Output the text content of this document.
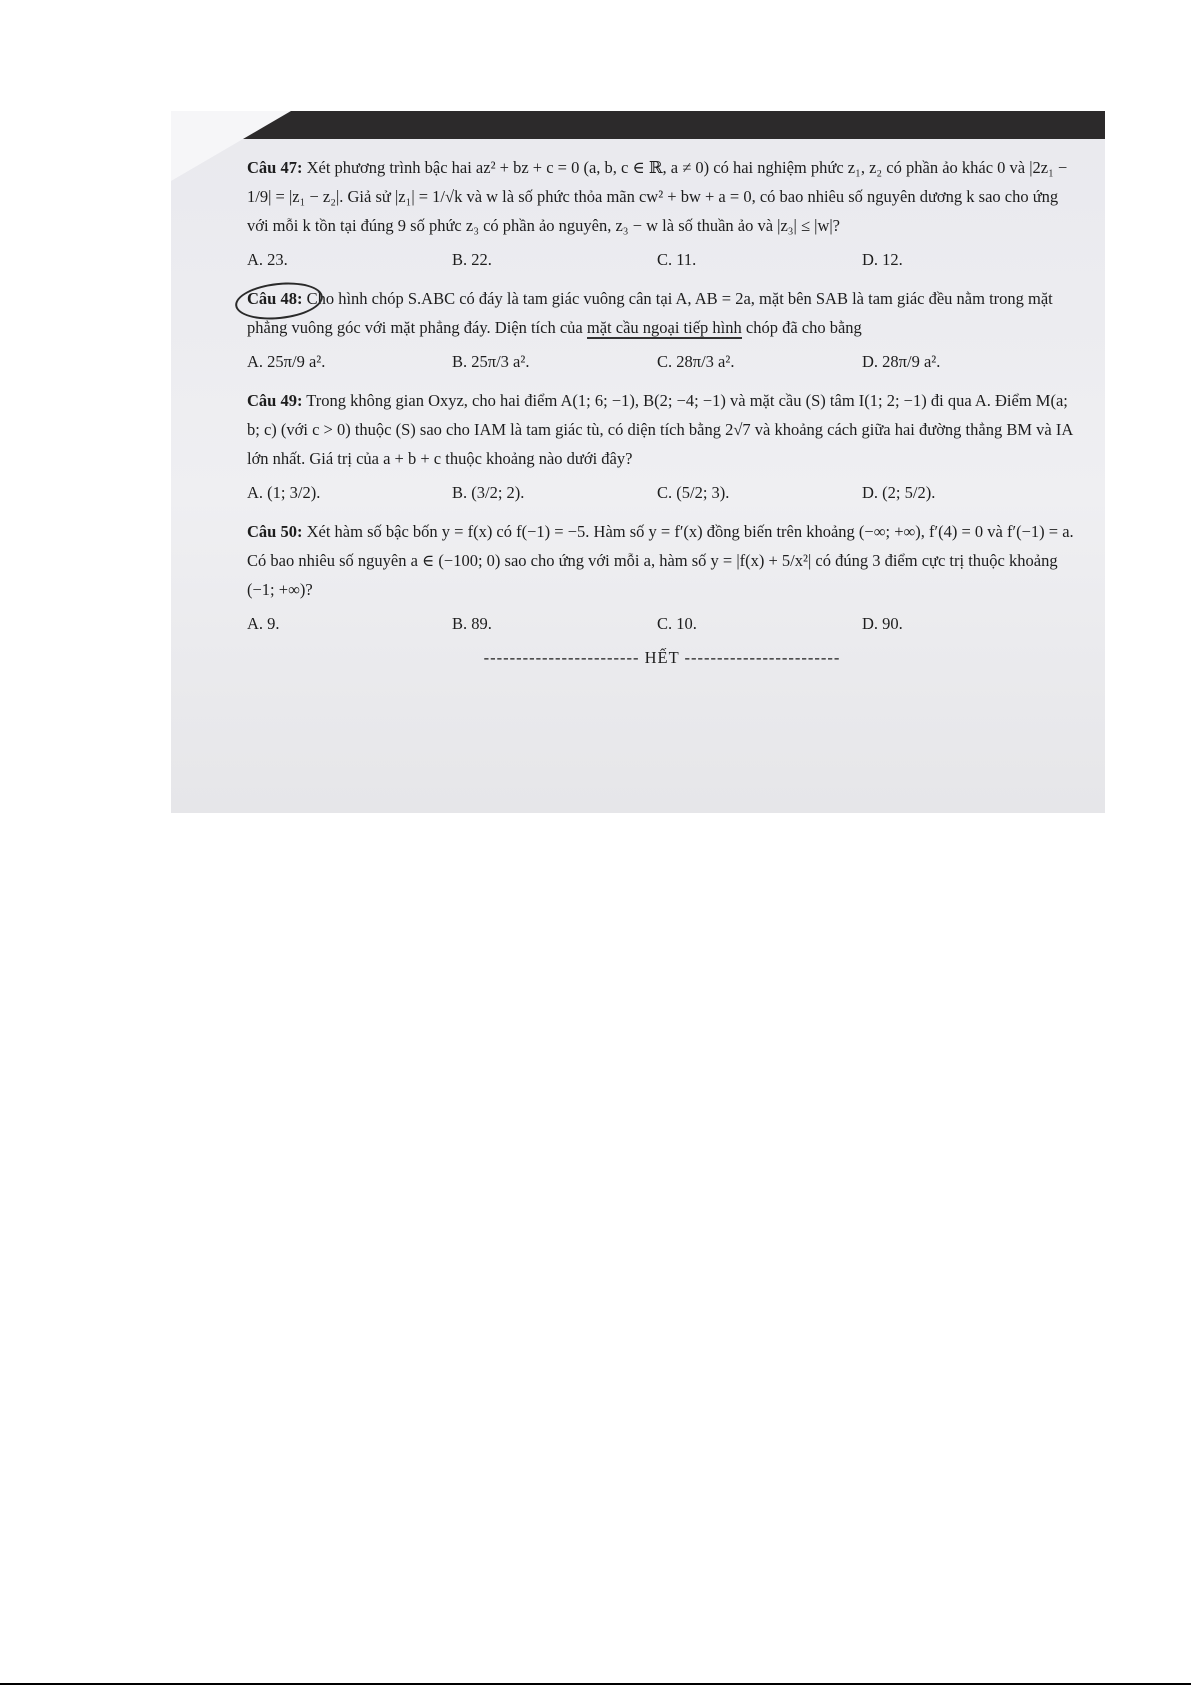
Câu 47: Xét phương trình bậc hai az² + bz + c = 0 (a, b, c ∈ ℝ, a ≠ 0) có hai nghiệm phức z₁, z₂ có phần ảo khác 0 và |2z₁ − 1/9| = |z₁ − z₂|. Giả sử |z₁| = 1/√k và w là số phức thỏa mãn cw² + bw + a = 0, có bao nhiêu số nguyên dương k sao cho ứng với mỗi k tồn tại đúng 9 số phức z₃ có phần ảo nguyên, z₃ − w là số thuần ảo và |z₃| ≤ |w|?
A. 23.	B. 22.	C. 11.	D. 12.
Câu 48: Cho hình chóp S.ABC có đáy là tam giác vuông cân tại A, AB = 2a, mặt bên SAB là tam giác đều nằm trong mặt phẳng vuông góc với mặt phẳng đáy. Diện tích của mặt cầu ngoại tiếp hình chóp đã cho bằng
A. 25π/9 a².	B. 25π/3 a².	C. 28π/3 a².	D. 28π/9 a².
Câu 49: Trong không gian Oxyz, cho hai điểm A(1; 6; −1), B(2; −4; −1) và mặt cầu (S) tâm I(1; 2; −1) đi qua A. Điểm M(a; b; c) (với c > 0) thuộc (S) sao cho IAM là tam giác tù, có diện tích bằng 2√7 và khoảng cách giữa hai đường thẳng BM và IA lớn nhất. Giá trị của a + b + c thuộc khoảng nào dưới đây?
A. (1; 3/2).	B. (3/2; 2).	C. (5/2; 3).	D. (2; 5/2).
Câu 50: Xét hàm số bậc bốn y = f(x) có f(−1) = −5. Hàm số y = f′(x) đồng biến trên khoảng (−∞; +∞), f′(4) = 0 và f′(−1) = a. Có bao nhiêu số nguyên a ∈ (−100; 0) sao cho ứng với mỗi a, hàm số y = |f(x) + 5/x²| có đúng 3 điểm cực trị thuộc khoảng (−1; +∞)?
A. 9.	B. 89.	C. 10.	D. 90.
------------------------ HẾT ------------------------
